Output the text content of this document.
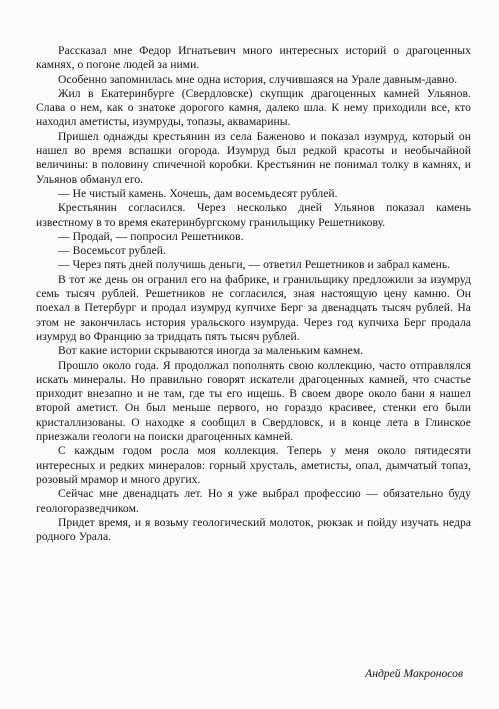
Рассказал мне Федор Игнатьевич много интересных историй о драгоценных камнях, о погоне людей за ними.

Особенно запомнилась мне одна история, случившаяся на Урале давным-давно.

Жил в Екатеринбурге (Свердловске) скупщик драгоценных камней Ульянов. Слава о нем, как о знатоке дорогого камня, далеко шла. К нему приходили все, кто находил аметисты, изумруды, топазы, аквамарины.

Пришел однажды крестьянин из села Баженово и показал изумруд, который он нашел во время вспашки огорода. Изумруд был редкой красоты и необычайной величины: в половину спичечной коробки. Крестьянин не понимал толку в камнях, и Ульянов обманул его.

— Не чистый камень. Хочешь, дам восемьдесят рублей.

Крестьянин согласился. Через несколько дней Ульянов показал камень известному в то время екатеринбургскому гранильщику Решетникову.

— Продай, — попросил Решетников.

— Восемьсот рублей.

— Через пять дней получишь деньги, — ответил Решетников и забрал камень.

В тот же день он огранил его на фабрике, и гранильщику предложили за изумруд семь тысяч рублей. Решетников не согласился, зная настоящую цену камню. Он поехал в Петербург и продал изумруд купчихе Берг за двенадцать тысяч рублей. На этом не закончилась история уральского изумруда. Через год купчиха Берг продала изумруд во Францию за тридцать пять тысяч рублей.

Вот какие истории скрываются иногда за маленьким камнем.

Прошло около года. Я продолжал пополнять свою коллекцию, часто отправлялся искать минералы. Но правильно говорят искатели драгоценных камней, что счастье приходит внезапно и не там, где ты его ищешь. В своем дворе около бани я нашел второй аметист. Он был меньше первого, но гораздо красивее, стенки его были кристаллизованы. О находке я сообщил в Свердловск, и в конце лета в Глинское приезжали геологи на поиски драгоценных камней.

С каждым годом росла моя коллекция. Теперь у меня около пятидесяти интересных и редких минералов: горный хрусталь, аметисты, опал, дымчатый топаз, розовый мрамор и много других.

Сейчас мне двенадцать лет. Но я уже выбрал профессию — обязательно буду геологоразведчиком.

Придет время, и я возьму геологический молоток, рюкзак и пойду изучать недра родного Урала.

Андрей Макроносов
